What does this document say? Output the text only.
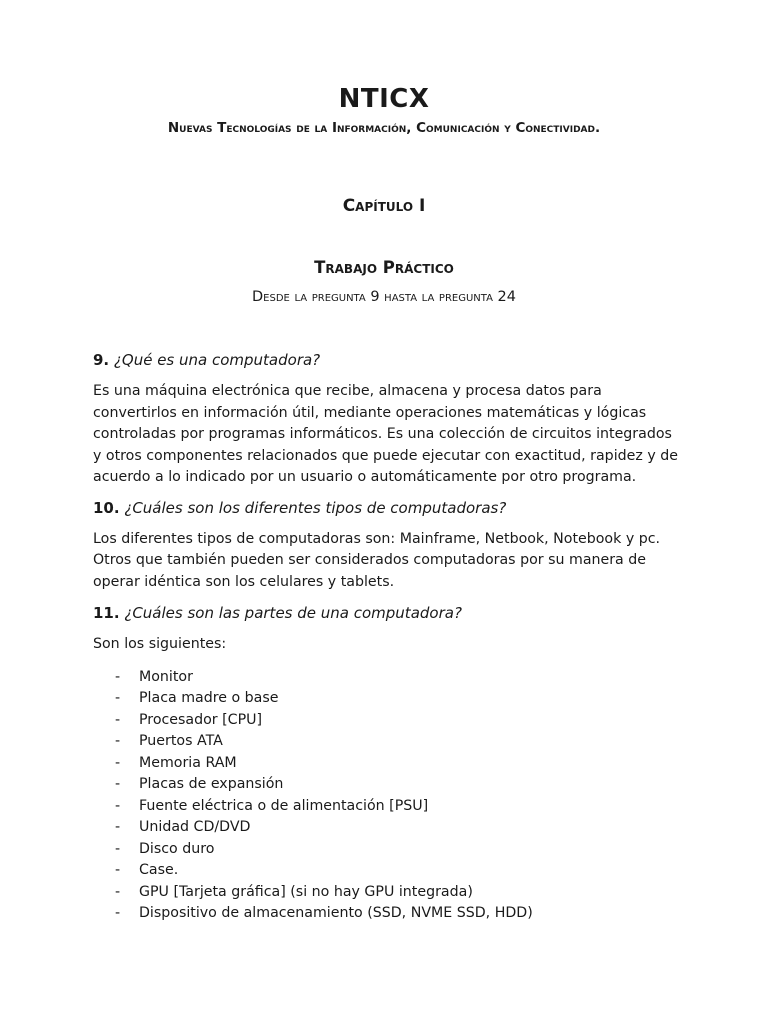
NTICX
Nuevas Tecnologías de la Información, Comunicación y Conectividad.
Capítulo I
Trabajo Práctico
Desde la pregunta 9 hasta la pregunta 24

9. ¿Qué es una computadora?

Es una máquina electrónica que recibe, almacena y procesa datos para convertirlos en información útil, mediante operaciones matemáticas y lógicas controladas por programas informáticos. Es una colección de circuitos integrados y otros componentes relacionados que puede ejecutar con exactitud, rapidez y de acuerdo a lo indicado por un usuario o automáticamente por otro programa.

10. ¿Cuáles son los diferentes tipos de computadoras?

Los diferentes tipos de computadoras son: Mainframe, Netbook, Notebook y pc. Otros que también pueden ser considerados computadoras por su manera de operar idéntica son los celulares y tablets.

11. ¿Cuáles son las partes de una computadora?

Son los siguientes:

- Monitor
- Placa madre o base
- Procesador [CPU]
- Puertos ATA
- Memoria RAM
- Placas de expansión
- Fuente eléctrica o de alimentación [PSU]
- Unidad CD/DVD
- Disco duro
- Case.
- GPU [Tarjeta gráfica] (si no hay GPU integrada)
- Dispositivo de almacenamiento (SSD, NVME SSD, HDD)
